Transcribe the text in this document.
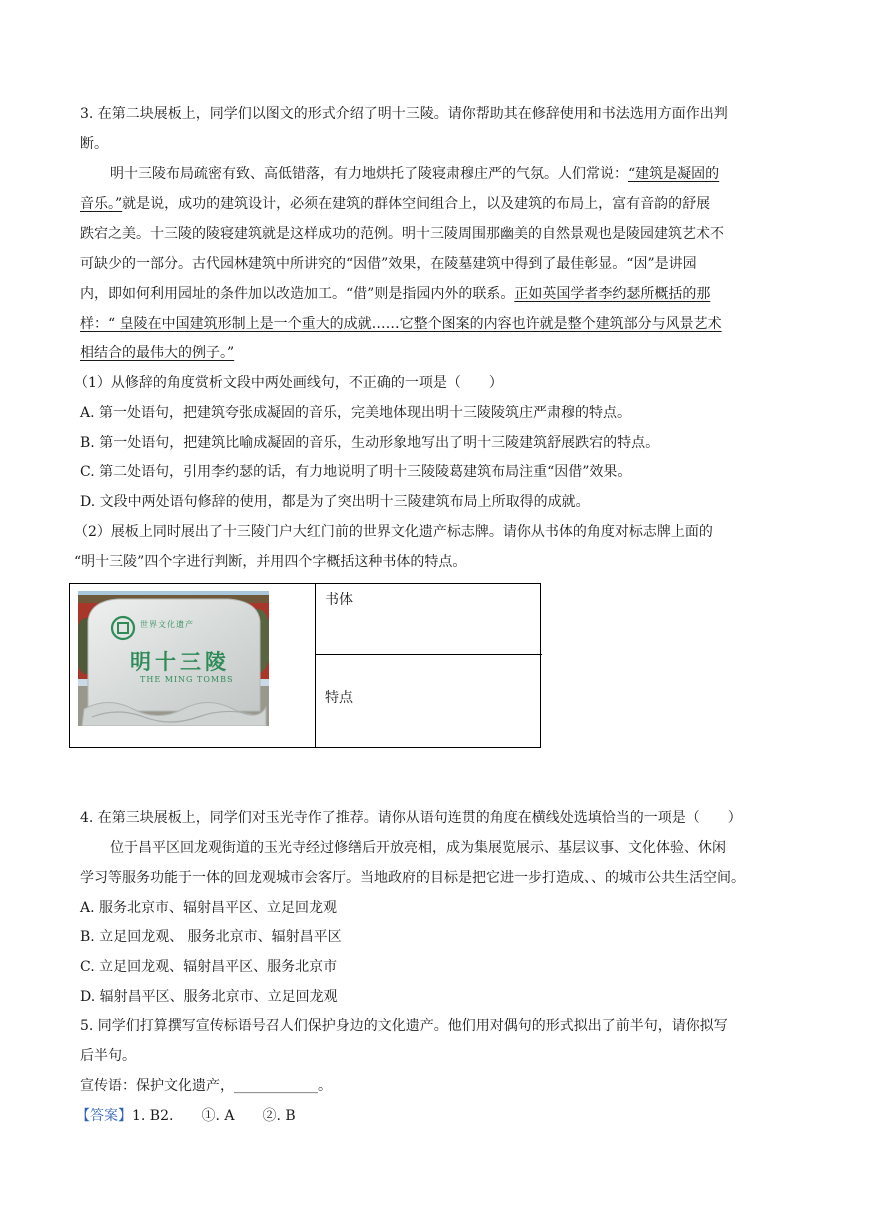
3. 在第二块展板上，同学们以图文的形式介绍了明十三陵。请你帮助其在修辞使用和书法选用方面作出判
断。
明十三陵布局疏密有致、高低错落，有力地烘托了陵寝肃穆庄严的气氛。人们常说：“建筑是凝固的
音乐。”就是说，成功的建筑设计，必须在建筑的群体空间组合上，以及建筑的布局上，富有音韵的舒展
跌宕之美。十三陵的陵寝建筑就是这样成功的范例。明十三陵周围那幽美的自然景观也是陵园建筑艺术不
可缺少的一部分。古代园林建筑中所讲究的“因借”效果，在陵墓建筑中得到了最佳彰显。“因”是讲园
内，即如何利用园址的条件加以改造加工。“借”则是指园内外的联系。正如英国学者李约瑟所概括的那
样：“ 皇陵在中国建筑形制上是一个重大的成就……它整个图案的内容也许就是整个建筑部分与风景艺术
相结合的最伟大的例子。”
（1）从修辞的角度赏析文段中两处画线句，不正确的一项是（　　）
A. 第一处语句，把建筑夸张成凝固的音乐，完美地体现出明十三陵陵筑庄严肃穆的特点。
B. 第一处语句，把建筑比喻成凝固的音乐，生动形象地写出了明十三陵建筑舒展跌宕的特点。
C. 第二处语句，引用李约瑟的话，有力地说明了明十三陵陵葛建筑布局注重“因借”效果。
D. 文段中两处语句修辞的使用，都是为了突出明十三陵建筑布局上所取得的成就。
（2）展板上同时展出了十三陵门户大红门前的世界文化遗产标志牌。请你从书体的角度对标志牌上面的
“明十三陵”四个字进行判断，并用四个字概括这种书体的特点。
世界文化遗产
明十三陵
THE MING TOMBS
书体
特点
4. 在第三块展板上，同学们对玉光寺作了推荐。请你从语句连贯的角度在横线处选填恰当的一项是（　　）
位于昌平区回龙观街道的玉光寺经过修缮后开放亮相，成为集展览展示、基层议事、文化体验、休闲
学习等服务功能于一体的回龙观城市会客厅。当地政府的目标是把它进一步打造成、、的城市公共生活空间。
A. 服务北京市、辐射昌平区、立足回龙观
B. 立足回龙观、 服务北京市、辐射昌平区
C. 立足回龙观、辐射昌平区、服务北京市
D. 辐射昌平区、服务北京市、立足回龙观
5. 同学们打算撰写宣传标语号召人们保护身边的文化遗产。他们用对偶句的形式拟出了前半句，请你拟写
后半句。
宣传语：保护文化遗产，____________。
【答案】1. B2.　　①. A　　②. B
